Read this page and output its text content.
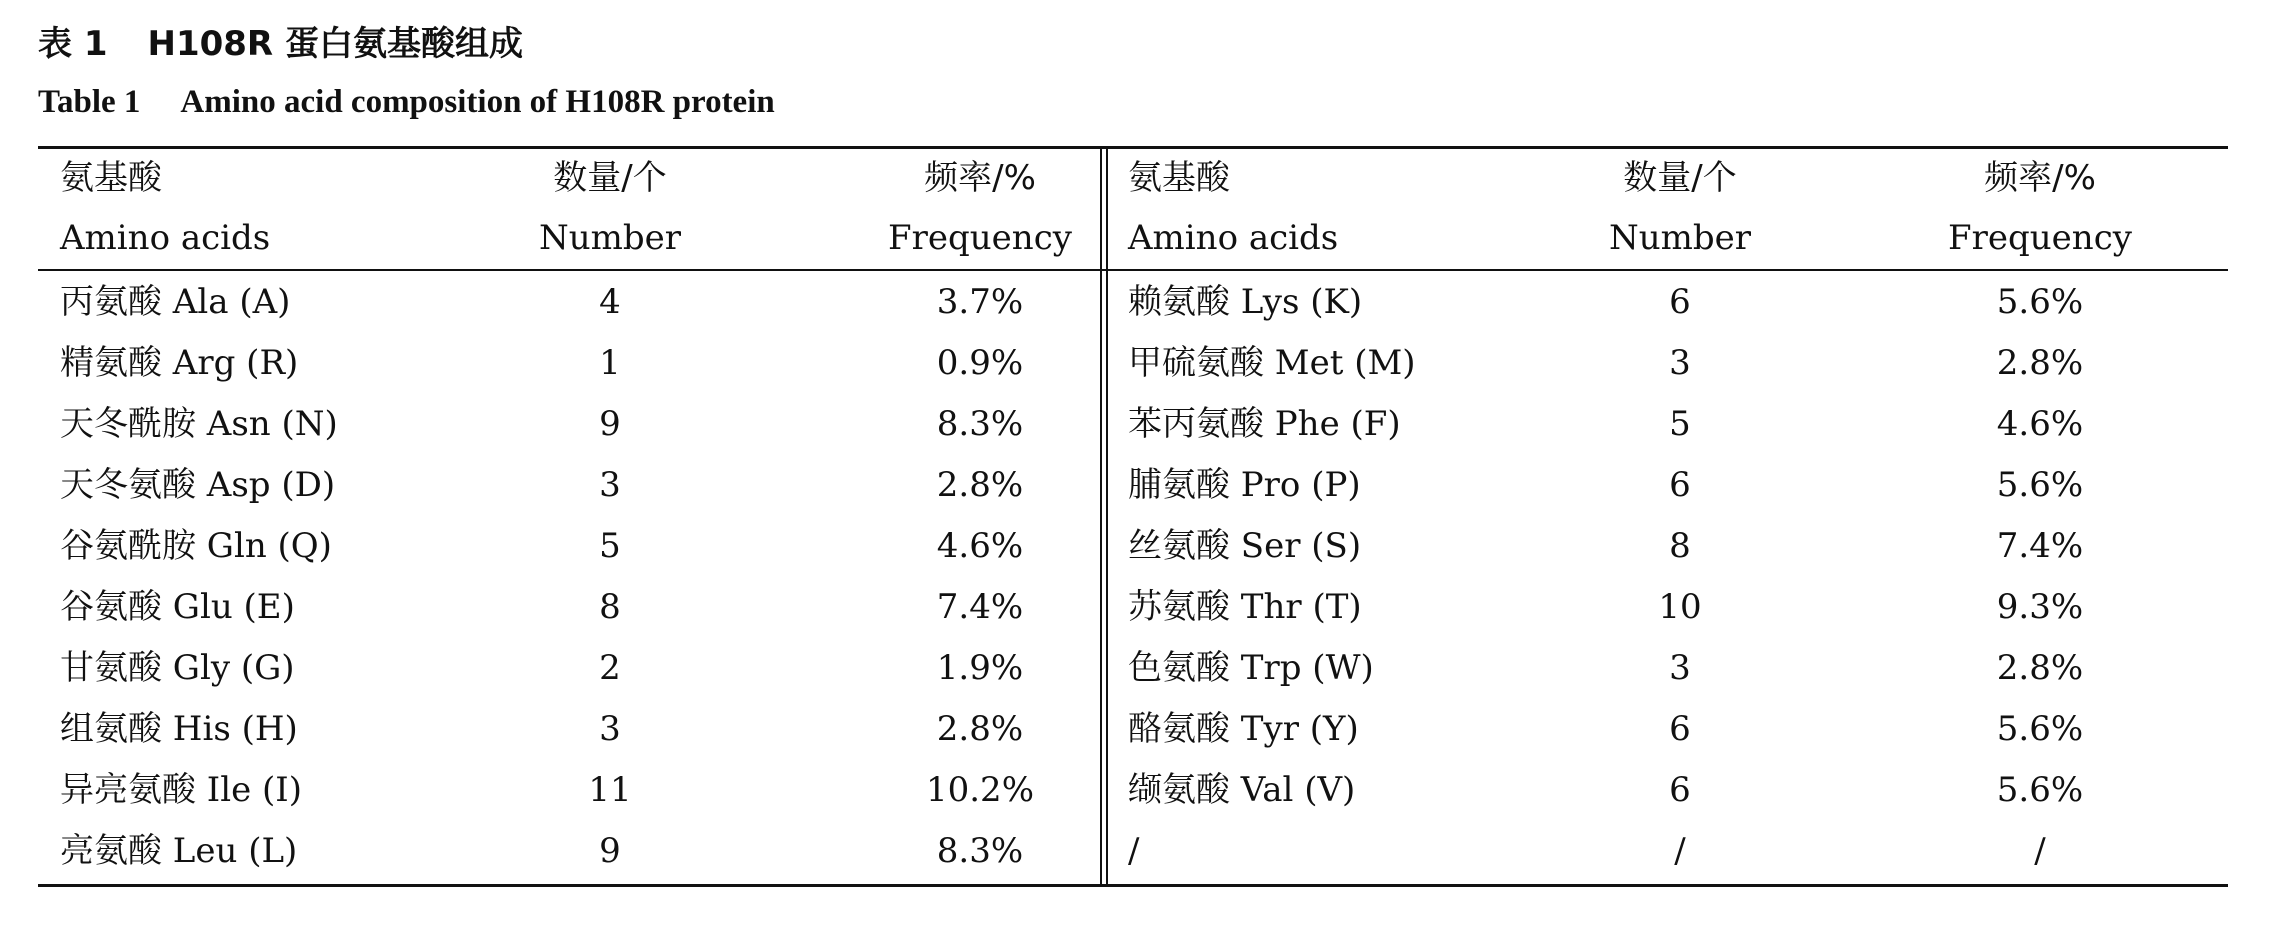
表 1 H108R 蛋白氨基酸组成
Table 1 Amino acid composition of H108R protein
氨基酸	数量/个	频率/%	氨基酸	数量/个	频率/%
Amino acids	Number	Frequency	Amino acids	Number	Frequency
丙氨酸 Ala (A)	4	3.7%	赖氨酸 Lys (K)	6	5.6%
精氨酸 Arg (R)	1	0.9%	甲硫氨酸 Met (M)	3	2.8%
天冬酰胺 Asn (N)	9	8.3%	苯丙氨酸 Phe (F)	5	4.6%
天冬氨酸 Asp (D)	3	2.8%	脯氨酸 Pro (P)	6	5.6%
谷氨酰胺 Gln (Q)	5	4.6%	丝氨酸 Ser (S)	8	7.4%
谷氨酸 Glu (E)	8	7.4%	苏氨酸 Thr (T)	10	9.3%
甘氨酸 Gly (G)	2	1.9%	色氨酸 Trp (W)	3	2.8%
组氨酸 His (H)	3	2.8%	酪氨酸 Tyr (Y)	6	5.6%
异亮氨酸 Ile (I)	11	10.2%	缬氨酸 Val (V)	6	5.6%
亮氨酸 Leu (L)	9	8.3%	/	/	/
